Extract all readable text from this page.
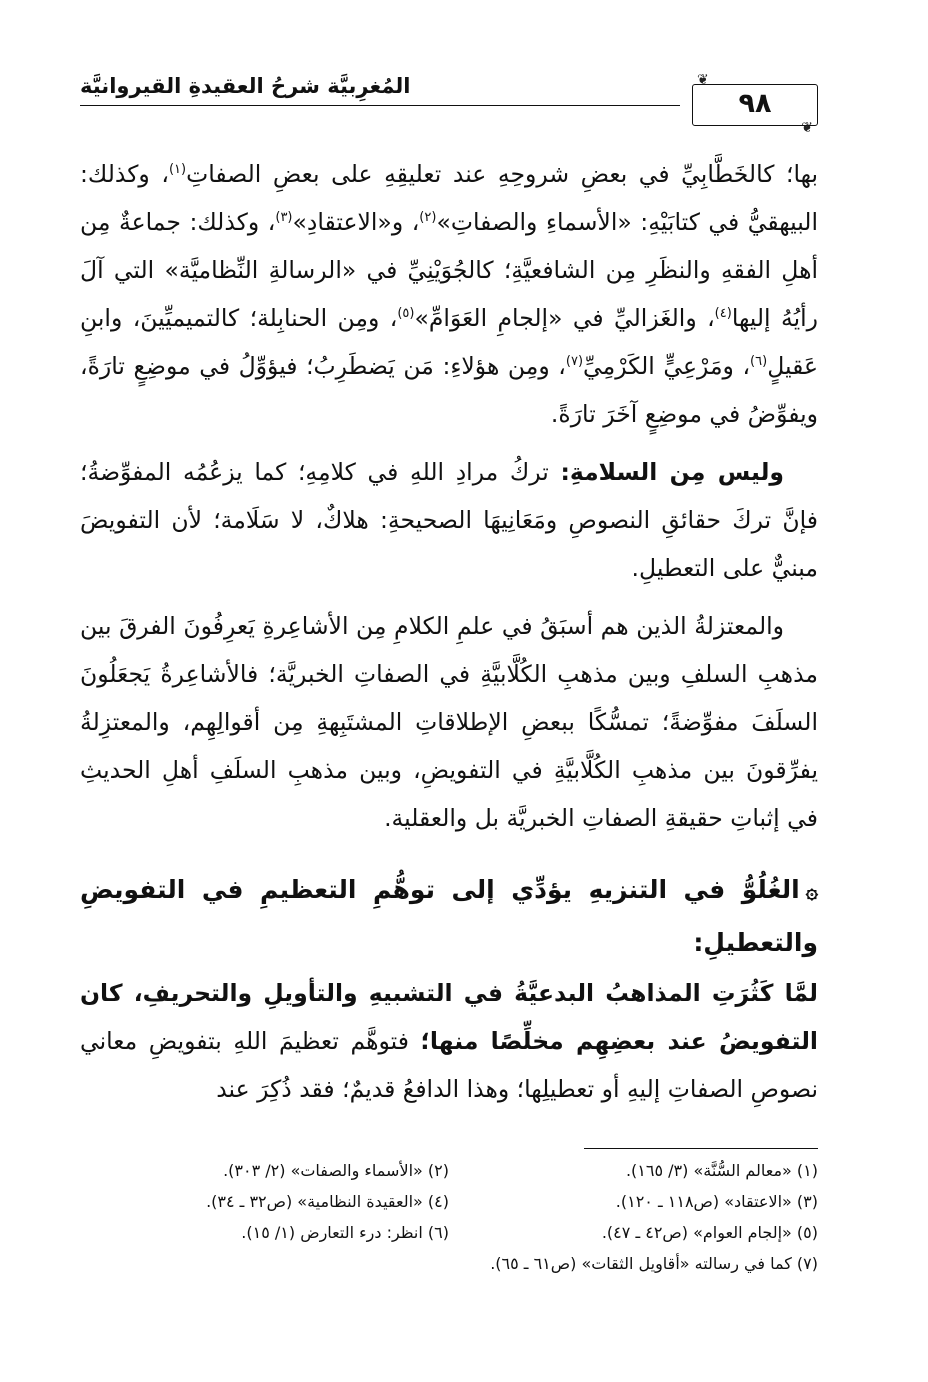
المُغرِبيَّة شرحُ العقيدةِ القيروانيَّة	❦
٩٨
❦

بها؛ كالخَطَّابِيِّ في بعضِ شروحِهِ عند تعليقِهِ على بعضِ الصفاتِ$^{(١)}$، وكذلك: البيهقيُّ في كتابَيْهِ: «الأسماءِ والصفاتِ»$^{(٢)}$، و«الاعتقادِ»$^{(٣)}$، وكذلك: جماعةٌ مِن أهلِ الفقهِ والنظَرِ مِن الشافعيَّةِ؛ كالجُوَيْنِيِّ في «الرسالةِ النِّظاميَّة» التي آلَ رأيُهُ إليها$^{(٤)}$، والغَزاليِّ في «إلجامِ العَوَامِّ»$^{(٥)}$، ومِن الحنابِلة؛ كالتميميِّينَ، وابنِ عَقيلٍ$^{(٦)}$، ومَرْعِيٍّ الكَرْمِيِّ$^{(٧)}$، ومِن هؤلاءِ: مَن يَضطَرِبُ؛ فيؤوِّلُ في موضِعٍ تارَةً، ويفوِّضُ في موضِعٍ آخَرَ تارَةً.

وليس مِن السلامةِ: تركُ مرادِ اللهِ في كلامِهِ؛ كما يزعُمُه المفوِّضةُ؛ فإنَّ تركَ حقائقِ النصوصِ ومَعَانِيهَا الصحيحةِ: هلاكٌ، لا سَلَامة؛ لأن التفويضَ مبنيٌّ على التعطيلِ.

والمعتزلةُ الذين هم أسبَقُ في علمِ الكلامِ مِن الأشاعِرةِ يَعرِفُونَ الفرقَ بين مذهبِ السلفِ وبين مذهبِ الكُلَّابيَّةِ في الصفاتِ الخبريَّة؛ فالأشاعِرةُ يَجعَلُونَ السلَفَ مفوِّضةً؛ تمسُّكًا ببعضِ الإطلاقاتِ المشتَبِهةِ مِن أقوالِهِم، والمعتزِلةُ يفرِّقونَ بين مذهبِ الكُلَّابيَّةِ في التفويضِ، وبين مذهبِ السلَفِ أهلِ الحديثِ في إثباتِ حقيقةِ الصفاتِ الخبريَّة بل والعقلية.

۞الغُلُوُّ في التنزيهِ يؤدِّي إلى توهُّمِ التعظيمِ في التفويضِ والتعطيلِ:

لمَّا كَثُرَتِ المذاهبُ البدعيَّةُ في التشبيهِ والتأويلِ والتحريفِ، كان التفويضُ عند بعضِهِم مخلِّصًا منها؛ فتوهَّم تعظيمَ اللهِ بتفويضِ معاني نصوصِ الصفاتِ إليهِ أو تعطيلِها؛ وهذا الدافعُ قديمٌ؛ فقد ذُكِرَ عند

(١) «معالم السُّنَّة» (٣/ ١٦٥).
(٢) «الأسماء والصفات» (٢/ ٣٠٣).
(٣) «الاعتقاد» (ص١١٨ ـ ١٢٠).
(٤) «العقيدة النظامية» (ص٣٢ ـ ٣٤).
(٥) «إلجام العوام» (ص٤٢ ـ ٤٧).
(٦) انظر: درء التعارض (١/ ١٥).
(٧) كما في رسالته «أقاويل الثقات» (ص٦١ ـ ٦٥).
